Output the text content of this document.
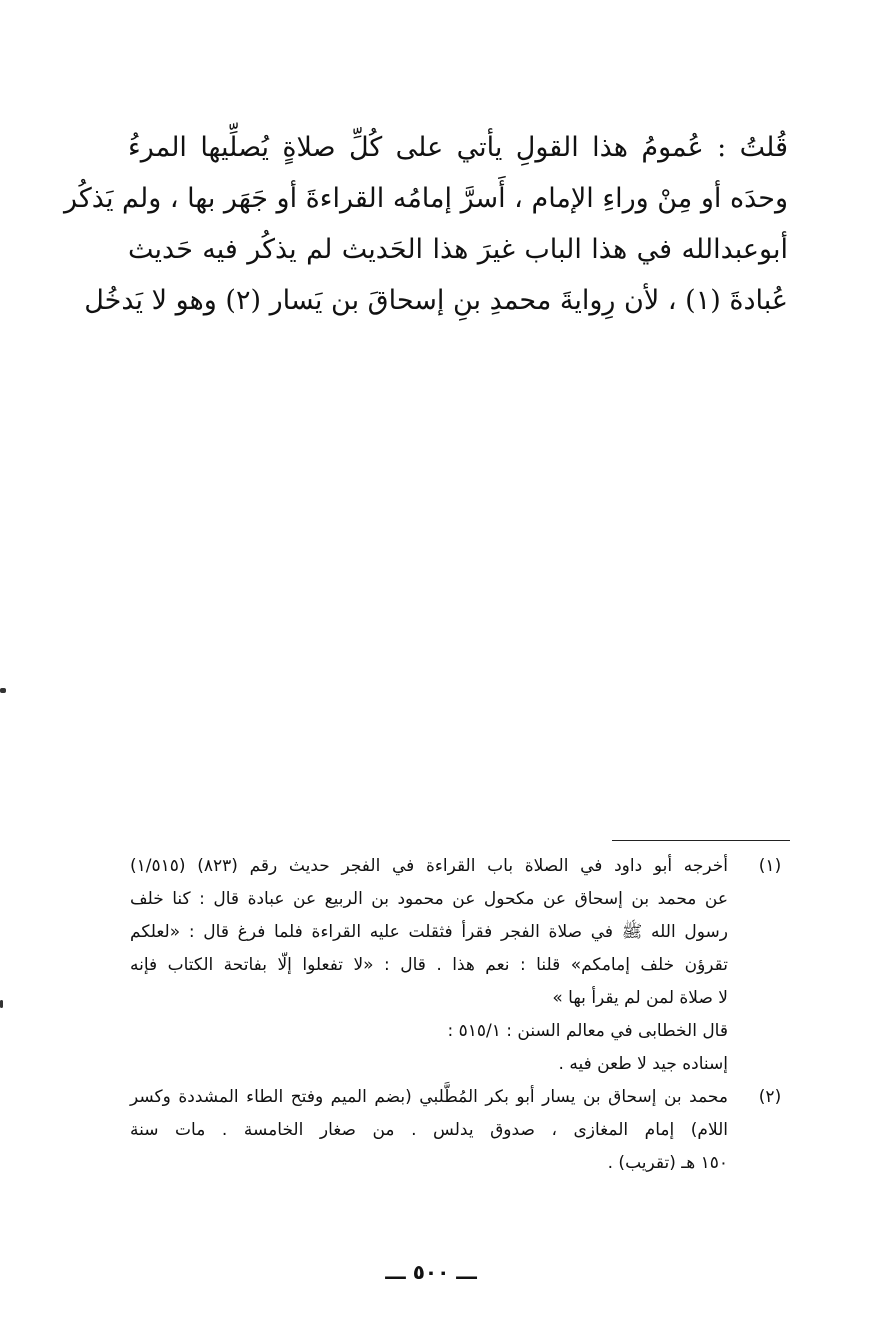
قُلتُ : عُمومُ هذا القولِ يأتي على كُلِّ صلاةٍ يُصلِّيها المرءُ
وحدَه أو مِنْ وراءِ الإمام ، أَسرَّ إمامُه القراءةَ أو جَهَر بها ، ولم يَذكُر
أبوعبدالله في هذا الباب غيرَ هذا الحَديث لم يذكُر فيه حَديث
عُبادةَ (١) ، لأن رِوايةَ محمدِ بنِ إسحاقَ بن يَسار (٢) وهو لا يَدخُل
(١)
أخرجه أبو داود في الصلاة باب القراءة في الفجر حديث رقم (٨٢٣) (١/٥١٥)
عن محمد بن إسحاق عن مكحول عن محمود بن الربيع عن عبادة قال : كنا خلف
رسول الله ﷺ في صلاة الفجر فقرأ فثقلت عليه القراءة فلما فرغ قال : «لعلكم
تقرؤن خلف إمامكم» قلنا : نعم هذا . قال : «لا تفعلوا إلّا بفاتحة الكتاب فإنه
لا صلاة لمن لم يقرأ بها »
قال الخطابى في معالم السنن : ٥١٥/١ :
إسناده جيد لا طعن فيه .
(٢)
محمد بن إسحاق بن يسار أبو بكر المُطَّلبي (بضم الميم وفتح الطاء المشددة وكسر
اللام) إمام المغازى ، صدوق يدلس . من صغار الخامسة . مات سنة
١٥٠ هـ (تقريب) .
ـــ ٥٠٠ ـــ
